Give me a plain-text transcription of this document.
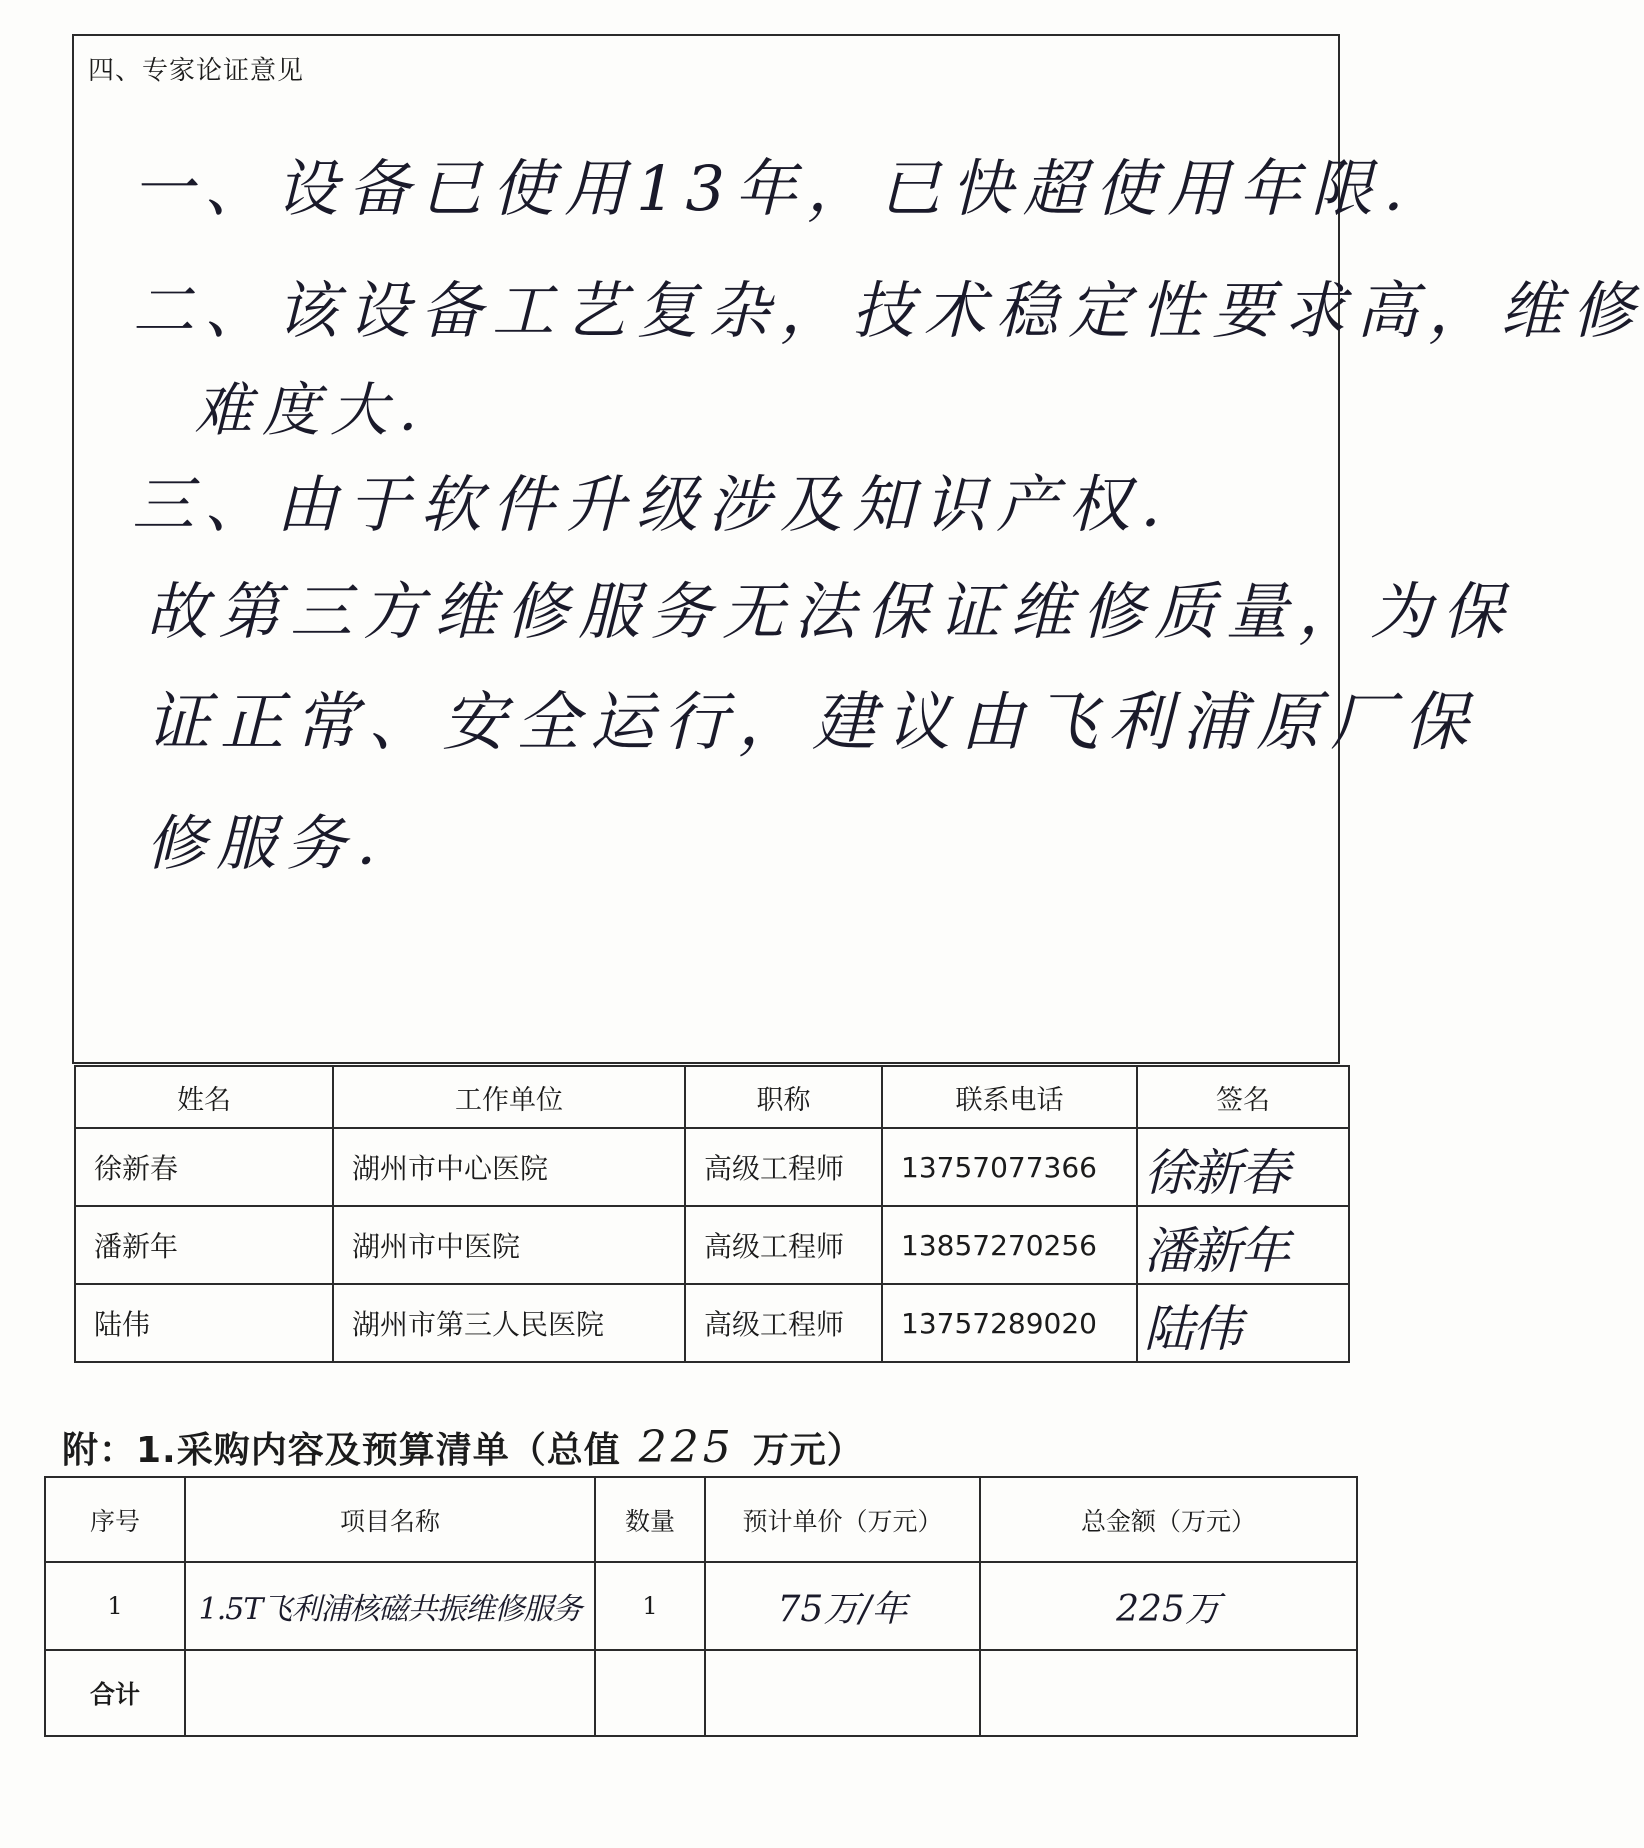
四、专家论证意见
一、设备已使用13年，已快超使用年限．
二、该设备工艺复杂，技术稳定性要求高，维修
难度大．
三、由于软件升级涉及知识产权．
故第三方维修服务无法保证维修质量，为保
证正常、安全运行，建议由飞利浦原厂保
修服务．
姓名	工作单位	职称	联系电话	签名
徐新春	湖州市中心医院	高级工程师	13757077366	徐新春

潘新年	湖州市中医院	高级工程师	13857270256	潘新年

陆伟	湖州市第三人民医院	高级工程师	13757289020	陆伟
附：1.采购内容及预算清单（总值 225 万元）
序号	项目名称	数量	预计单价（万元）	总金额（万元）
1	1.5T飞利浦核磁共振维修服务	1	75万/年	225万
合计				
